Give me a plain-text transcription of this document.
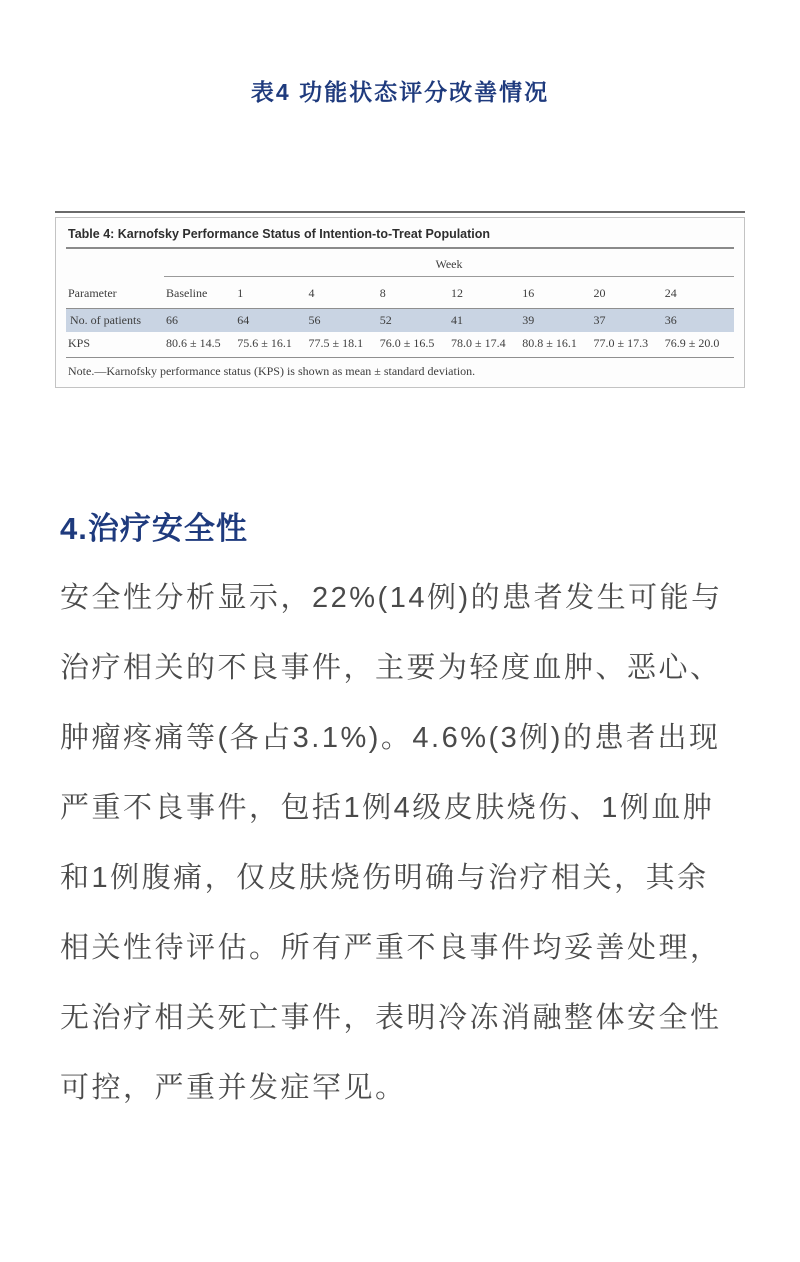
表4 功能状态评分改善情况
Table 4: Karnofsky Performance Status of Intention-to-Treat Population
	Week							
Parameter	Baseline	1	4	8	12	16	20	24
No. of patients	66	64	56	52	41	39	37	36
KPS	80.6 ± 14.5	75.6 ± 16.1	77.5 ± 18.1	76.0 ± 16.5	78.0 ± 17.4	80.8 ± 16.1	77.0 ± 17.3	76.9 ± 20.0
Note.—Karnofsky performance status (KPS) is shown as mean ± standard deviation.
4.治疗安全性
安全性分析显示，22%(14例)的患者发生可能与
治疗相关的不良事件，主要为轻度血肿、恶心、
肿瘤疼痛等(各占3.1%)。4.6%(3例)的患者出现
严重不良事件，包括1例4级皮肤烧伤、1例血肿
和1例腹痛，仅皮肤烧伤明确与治疗相关，其余
相关性待评估。所有严重不良事件均妥善处理，
无治疗相关死亡事件，表明冷冻消融整体安全性
可控，严重并发症罕见。
